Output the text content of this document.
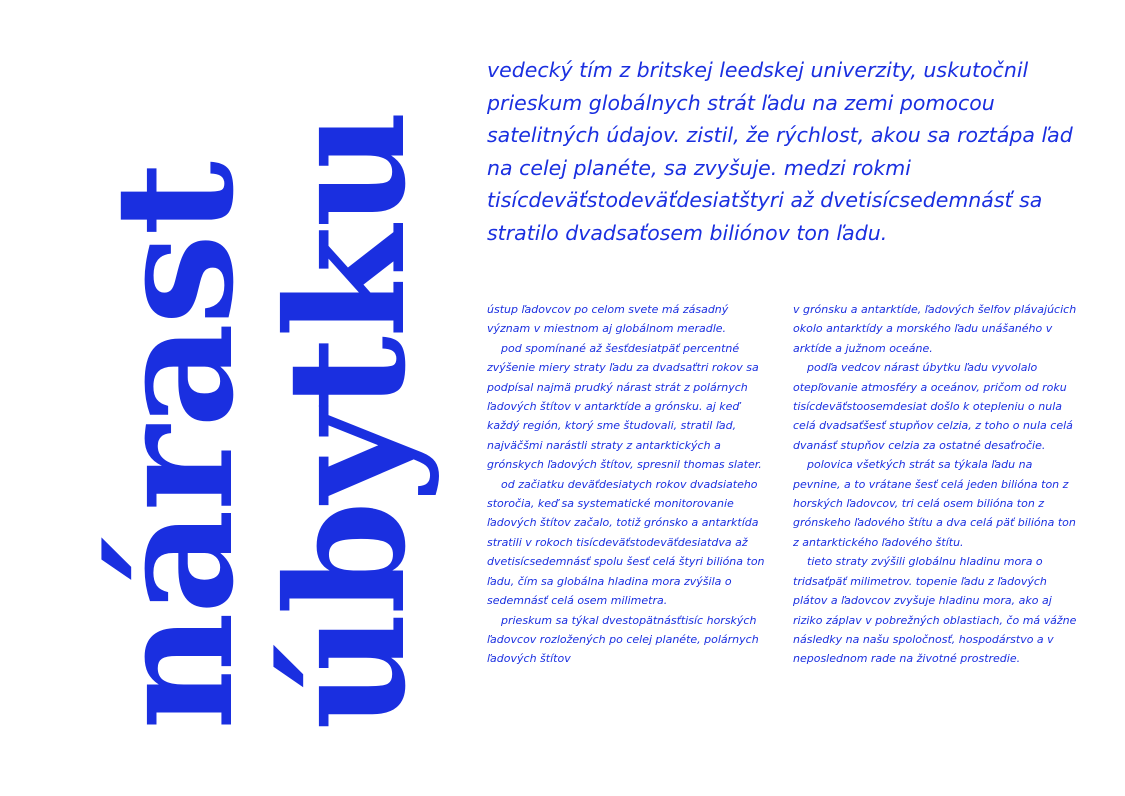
nárast
úbytku

vedecký tím z britskej leedskej univerzity, uskutočnil prieskum globálnych strát ľadu na zemi pomocou satelitných údajov. zistil, že rýchlost, akou sa roztápa ľad na celej planéte, sa zvyšuje. medzi rokmi tisícdeväťstodeväťdesiatštyri až dvetisícsedemnásť sa stratilo dvadsaťosem biliónov ton ľadu.

ústup ľadovcov po celom svete má zásadný význam v miestnom aj globálnom meradle.

pod spomínané až šesťdesiatpäť percentné zvýšenie miery straty ľadu za dvadsaťtri rokov sa podpísal najmä prudký nárast strát z polárnych ľadových štítov v antarktíde a grónsku. aj keď každý región, ktorý sme študovali, stratil ľad, najväčšmi narástli straty z antarktických a grónskych ľadových štítov, spresnil thomas slater.

od začiatku deväťdesiatych rokov dvadsiateho storočia, keď sa systematické monitorovanie ľadových štítov začalo, totiž grónsko a antarktída stratili v rokoch tisícdeväťstodeväťdesiatdva až dvetisícsedemnásť spolu šesť celá štyri bilióna ton ľadu, čím sa globálna hladina mora zvýšila o sedemnásť celá osem milimetra.

prieskum sa týkal dvestopätnásťtisíc horských ľadovcov rozložených po celej planéte, polárnych ľadových štítov

v grónsku a antarktíde, ľadových šelfov plávajúcich okolo antarktídy a morského ľadu unášaného v arktíde a južnom oceáne.

podľa vedcov nárast úbytku ľadu vyvolalo otepľovanie atmosféry a oceánov, pričom od roku tisícdeväťstoosemdesiat došlo k otepleniu o nula celá dvadsaťšesť stupňov celzia, z toho o nula celá dvanásť stupňov celzia za ostatné desaťročie.

polovica všetkých strát sa týkala ľadu na pevnine, a to vrátane šesť celá jeden bilióna ton z horských ľadovcov, tri celá osem bilióna ton z grónskeho ľadového štítu a dva celá päť bilióna ton z antarktického ľadového štítu.

tieto straty zvýšili globálnu hladinu mora o tridsaťpäť milimetrov. topenie ľadu z ľadových plátov a ľadovcov zvyšuje hladinu mora, ako aj riziko záplav v pobrežných oblastiach, čo má vážne následky na našu spoločnosť, hospodárstvo a v neposlednom rade na životné prostredie.
